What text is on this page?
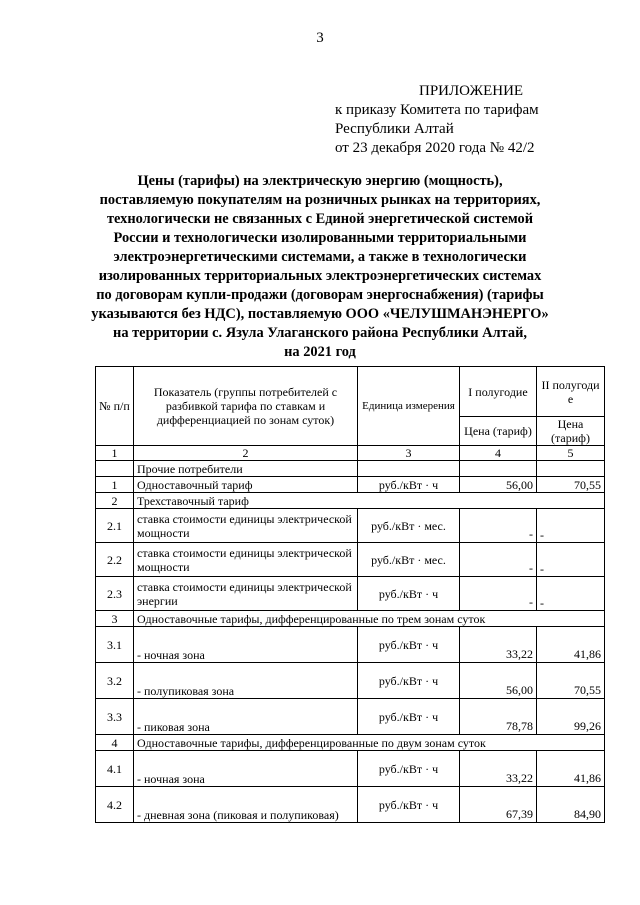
3
ПРИЛОЖЕНИЕ
к приказу Комитета по тарифам
Республики Алтай
от 23 декабря 2020 года № 42/2
Цены (тарифы) на электрическую энергию (мощность),
поставляемую покупателям на розничных рынках на территориях,
технологически не связанных с Единой энергетической системой
России и технологически изолированными территориальными
электроэнергетическими системами, а также в технологически
изолированных территориальных электроэнергетических системах
по договорам купли-продажи (договорам энергоснабжения) (тарифы
указываются без НДС), поставляемую ООО «ЧЕЛУШМАНЭНЕРГО»
на территории с. Язула Улаганского района Республики Алтай,
на 2021 год
№ п/п	Показатель (группы потребителей с разбивкой тарифа по ставкам и дифференциацией по зонам суток)	Единица измерения	I полугодие	II полугоди е
			Цена (тариф)	Цена (тариф)
1	2	3	4	5
	Прочие потребители			
1	Одноставочный тариф	руб./кВт · ч	56,00	70,55
2	Трехставочный тариф			
2.1	ставка стоимости единицы электрической мощности	руб./кВт · мес.	-	-
2.2	ставка стоимости единицы электрической мощности	руб./кВт · мес.	-	-
2.3	ставка стоимости единицы электрической энергии	руб./кВт · ч	-	-
3	Одноставочные тарифы, дифференцированные по трем зонам суток			
3.1	- ночная зона	руб./кВт · ч	33,22	41,86
3.2	- полупиковая зона	руб./кВт · ч	56,00	70,55
3.3	- пиковая зона	руб./кВт · ч	78,78	99,26
4	Одноставочные тарифы, дифференцированные по двум зонам суток			
4.1	- ночная зона	руб./кВт · ч	33,22	41,86
4.2	- дневная зона (пиковая и полупиковая)	руб./кВт · ч	67,39	84,90
